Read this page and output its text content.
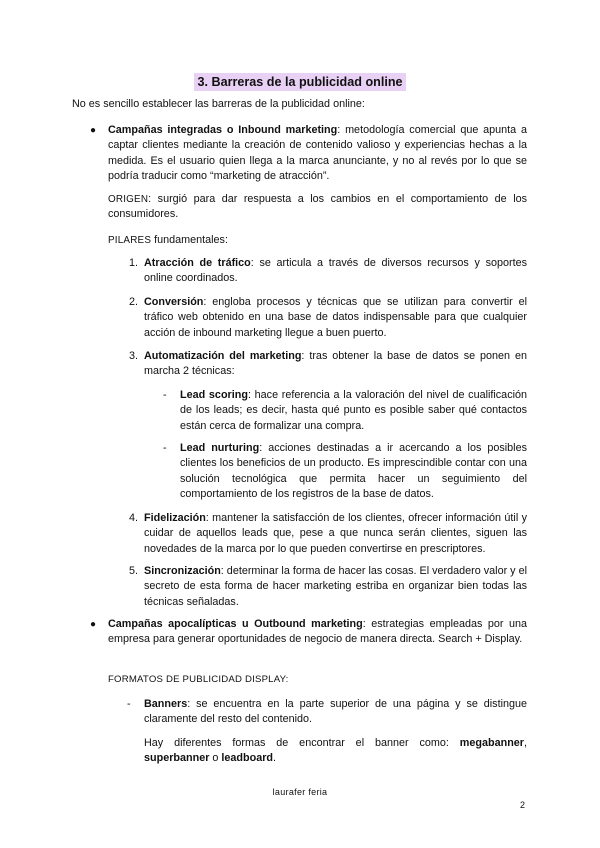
3. Barreras de la publicidad online

No es sencillo establecer las barreras de la publicidad online:

● Campañas integradas o Inbound marketing: metodología comercial que apunta a captar clientes mediante la creación de contenido valioso y experiencias hechas a la medida. Es el usuario quien llega a la marca anunciante, y no al revés por lo que se podría traducir como “marketing de atracción”.

ORIGEN: surgió para dar respuesta a los cambios en el comportamiento de los consumidores.

PILARES fundamentales:

1. Atracción de tráfico: se articula a través de diversos recursos y soportes online coordinados.

2. Conversión: engloba procesos y técnicas que se utilizan para convertir el tráfico web obtenido en una base de datos indispensable para que cualquier acción de inbound marketing llegue a buen puerto.

3. Automatización del marketing: tras obtener la base de datos se ponen en marcha 2 técnicas:

- Lead scoring: hace referencia a la valoración del nivel de cualificación de los leads; es decir, hasta qué punto es posible saber qué contactos están cerca de formalizar una compra.

- Lead nurturing: acciones destinadas a ir acercando a los posibles clientes los beneficios de un producto. Es imprescindible contar con una solución tecnológica que permita hacer un seguimiento del comportamiento de los registros de la base de datos.

4. Fidelización: mantener la satisfacción de los clientes, ofrecer información útil y cuidar de aquellos leads que, pese a que nunca serán clientes, siguen las novedades de la marca por lo que pueden convertirse en prescriptores.

5. Sincronización: determinar la forma de hacer las cosas. El verdadero valor y el secreto de esta forma de hacer marketing estriba en organizar bien todas las técnicas señaladas.

● Campañas apocalípticas u Outbound marketing: estrategias empleadas por una empresa para generar oportunidades de negocio de manera directa. Search + Display.

FORMATOS DE PUBLICIDAD DISPLAY:

- Banners: se encuentra en la parte superior de una página y se distingue claramente del resto del contenido.

Hay diferentes formas de encontrar el banner como: megabanner, superbanner o leadboard.

laurafer feria
2
